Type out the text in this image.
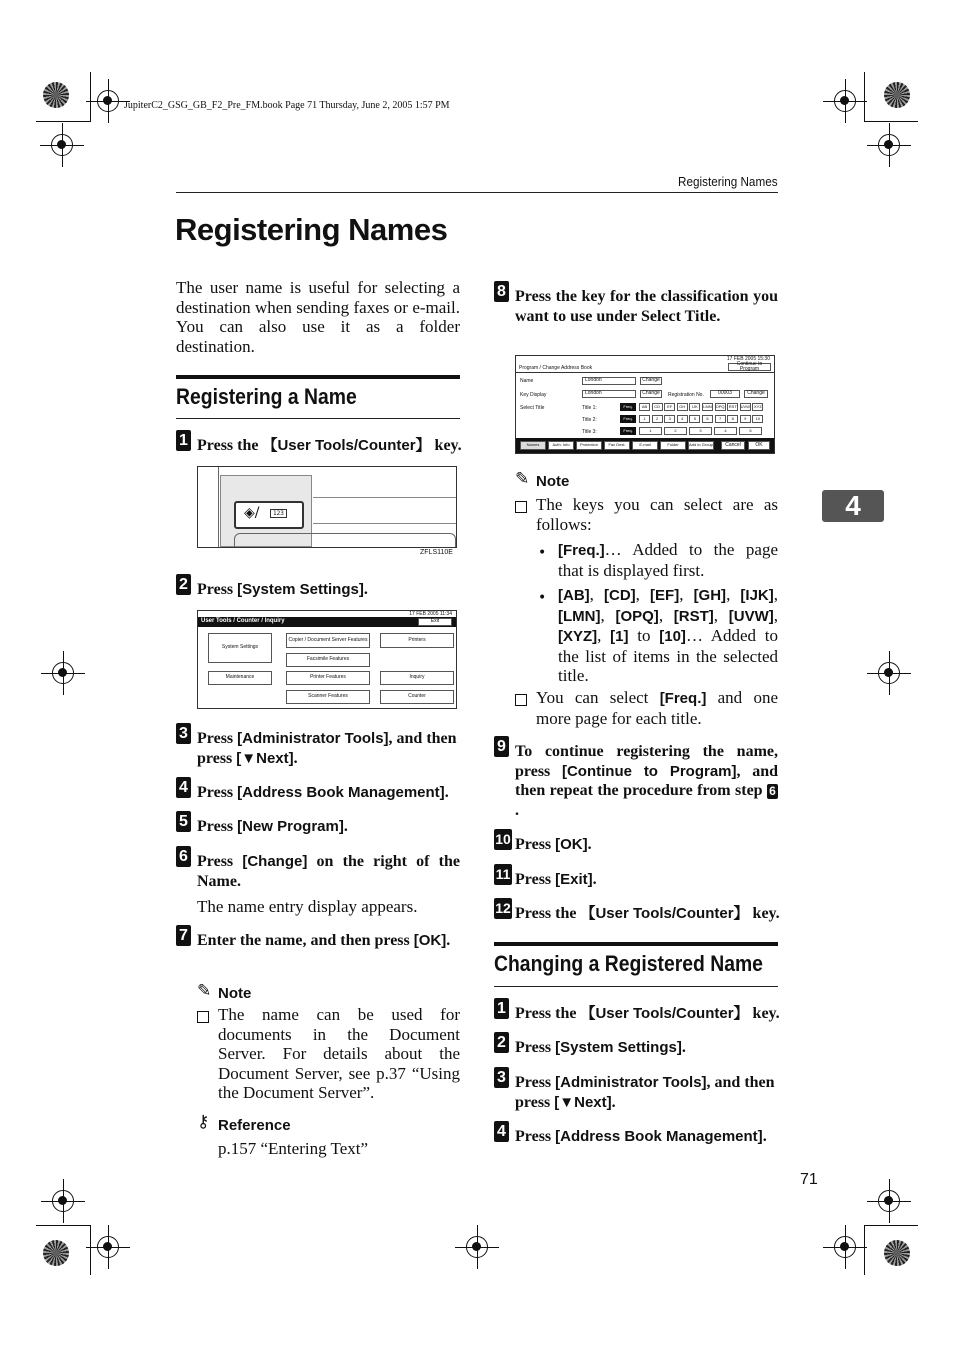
JupiterC2_GSG_GB_F2_Pre_FM.book Page 71 Thursday, June 2, 2005 1:57 PM
Registering Names
Registering Names
4
The user name is useful for selecting a destination when sending faxes or e-mail. You can also use it as a folder destination.
Registering a Name
1 Press the 【User Tools/Counter】 key.
◈/	123
ZFLS110E
2 Press [System Settings].
17 FEB 2005 11:34
User Tools / Counter / Inquiry	Exit
System Settings
Copier / Document Server Features	Printers
Facsimile Features
Maintenance	Printer Features	Inquiry
Scanner Features	Counter
3 Press [Administrator Tools], and then press [▼Next].
4 Press [Address Book Management].
5 Press [New Program].
6 Press [Change] on the right of the Name.
The name entry display appears.
7 Enter the name, and then press [OK].
✎ Note
The name can be used for documents in the Document Server. For details about the Document Server, see p.37 “Using the Document Server”.
⚷ Reference
p.157 “Entering Text”
8 Press the key for the classification you want to use under Select Title.
17 FEB 2005 15:30
Program / Change Address Book
Continue to Program
Name	London	Change
Key Display	London	Change	Registration No.	00003	Change
Select Title	Title 1:
Title 2:
Title 3:
Freq.	AB	CD	EF	GH	IJK	LMN OPQ	RST UVW	XYZ
Freq.	1	2	3	4	5	6	7	8	9	10
Freq.	1	2	3	4	5
Names	Auth. Info	Protection	Fax Dest.	E-mail	Folder	Add to Group	Cancel	OK
✎ Note
The keys you can select are as follows:
• [Freq.]… Added to the page that is displayed first.
• [AB], [CD], [EF], [GH], [IJK], [LMN], [OPQ], [RST], [UVW], [XYZ], [1] to [10]… Added to the list of items in the selected title.
You can select [Freq.] and one more page for each title.
9 To continue registering the name, press [Continue to Program], and then repeat the procedure from step 6.
10 Press [OK].
11 Press [Exit].
12 Press the 【User Tools/Counter】 key.
Changing a Registered Name
1 Press the 【User Tools/Counter】 key.
2 Press [System Settings].
3 Press [Administrator Tools], and then press [▼Next].
4 Press [Address Book Management].
71
